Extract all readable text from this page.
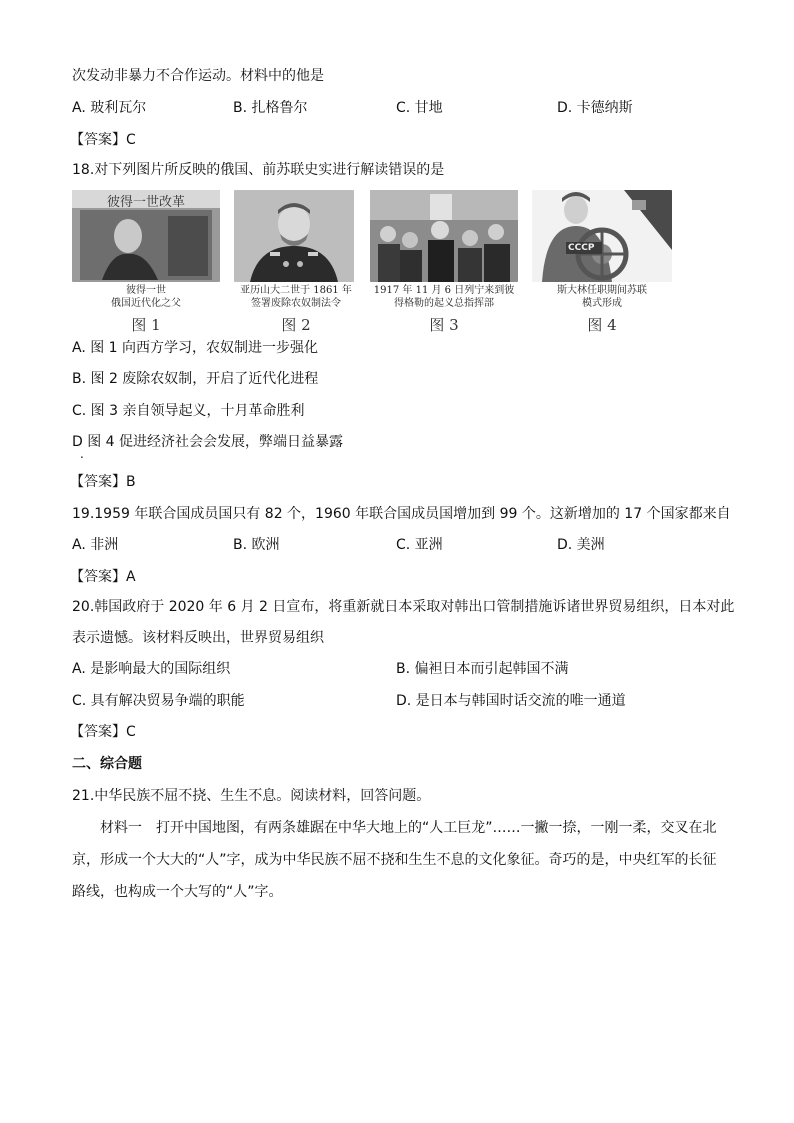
次发动非暴力不合作运动。材料中的他是
A. 玻利瓦尔	B. 扎格鲁尔	C. 甘地	D. 卡德纳斯
【答案】C
18.对下列图片所反映的俄国、前苏联史实进行解读错误的是
彼得一世改革
彼得一世
俄国近代化之父
图 1
亚历山大二世于 1861 年
签署废除农奴制法令
图 2
1917 年 11 月 6 日列宁来到彼
得格勒的起义总指挥部
图 3
СССР
斯大林任职期间苏联
模式形成
图 4
A. 图 1 向西方学习，农奴制进一步强化
B. 图 2 废除农奴制，开启了近代化进程
C. 图 3 亲自领导起义，十月革命胜利
D 图 4 促进经济社会会发展，弊端日益暴露
.
【答案】B
19.1959 年联合国成员国只有 82 个，1960 年联合国成员国增加到 99 个。这新增加的 17 个国家都来自
A. 非洲	B. 欧洲	C. 亚洲	D. 美洲
【答案】A
20.韩国政府于 2020 年 6 月 2 日宣布，将重新就日本采取对韩出口管制措施诉诸世界贸易组织，日本对此
表示遗憾。该材料反映出，世界贸易组织
A. 是影响最大的国际组织	B. 偏袒日本而引起韩国不满
C. 具有解决贸易争端的职能	D. 是日本与韩国时话交流的唯一通道
【答案】C
二、综合题
21.中华民族不屈不挠、生生不息。阅读材料，回答问题。
材料一　打开中国地图，有两条雄踞在中华大地上的“人工巨龙”……一撇一捺，一刚一柔，交叉在北京，形成一个大大的“人”字，成为中华民族不屈不挠和生生不息的文化象征。奇巧的是，中央红军的长征路线，也构成一个大写的“人”字。
